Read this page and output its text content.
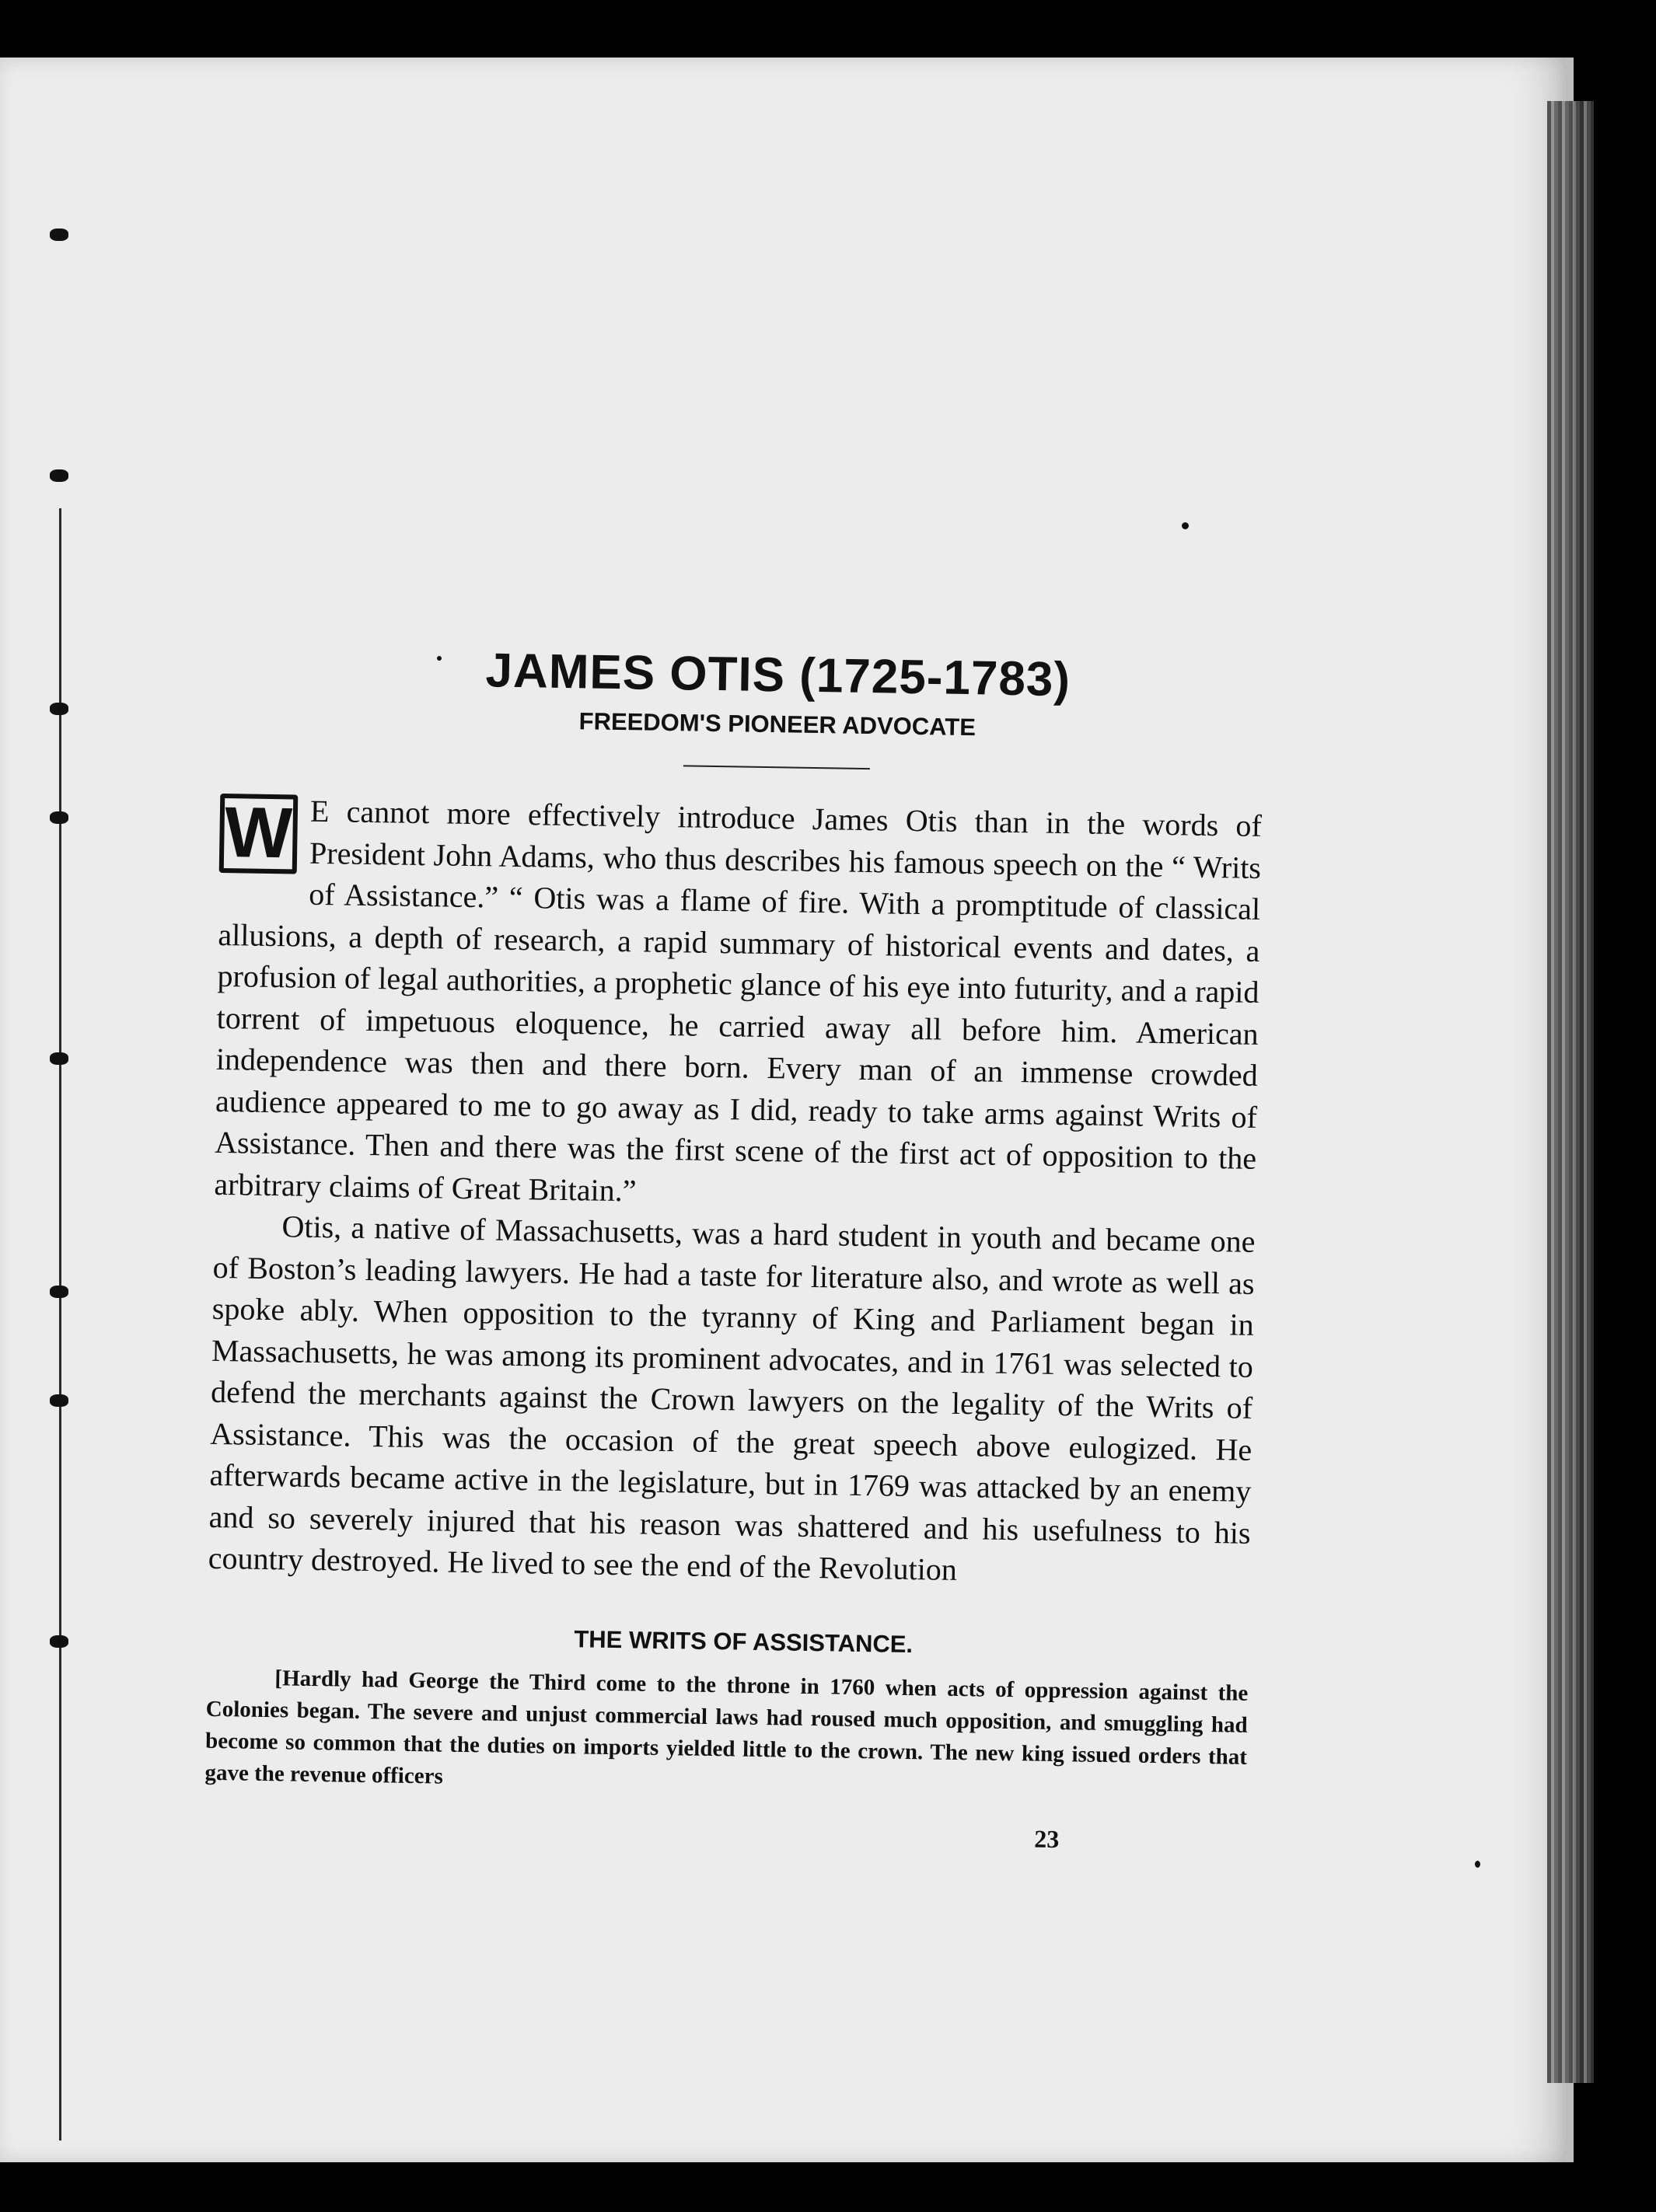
JAMES OTIS (1725-1783)
FREEDOM'S PIONEER ADVOCATE

W E cannot more effectively introduce James Otis than in the words of President John Adams, who thus describes his famous speech on the “ Writs of Assistance.” “ Otis was a flame of fire. With a promptitude of classical allusions, a depth of research, a rapid summary of historical events and dates, a profusion of legal authorities, a prophetic glance of his eye into futurity, and a rapid torrent of impetuous eloquence, he carried away all before him. American independence was then and there born. Every man of an immense crowded audience appeared to me to go away as I did, ready to take arms against Writs of Assistance. Then and there was the first scene of the first act of opposition to the arbitrary claims of Great Britain.”

Otis, a native of Massachusetts, was a hard student in youth and became one of Boston’s leading lawyers. He had a taste for literature also, and wrote as well as spoke ably. When opposition to the tyranny of King and Parliament began in Massachusetts, he was among its prominent advocates, and in 1761 was selected to defend the merchants against the Crown lawyers on the legality of the Writs of Assistance. This was the occasion of the great speech above eulogized. He afterwards became active in the legislature, but in 1769 was attacked by an enemy and so severely injured that his reason was shattered and his usefulness to his country destroyed. He lived to see the end of the Revolution

THE WRITS OF ASSISTANCE.

[Hardly had George the Third come to the throne in 1760 when acts of oppression against the Colonies began. The severe and unjust commercial laws had roused much opposition, and smuggling had become so common that the duties on imports yielded little to the crown. The new king issued orders that gave the revenue officers

23
